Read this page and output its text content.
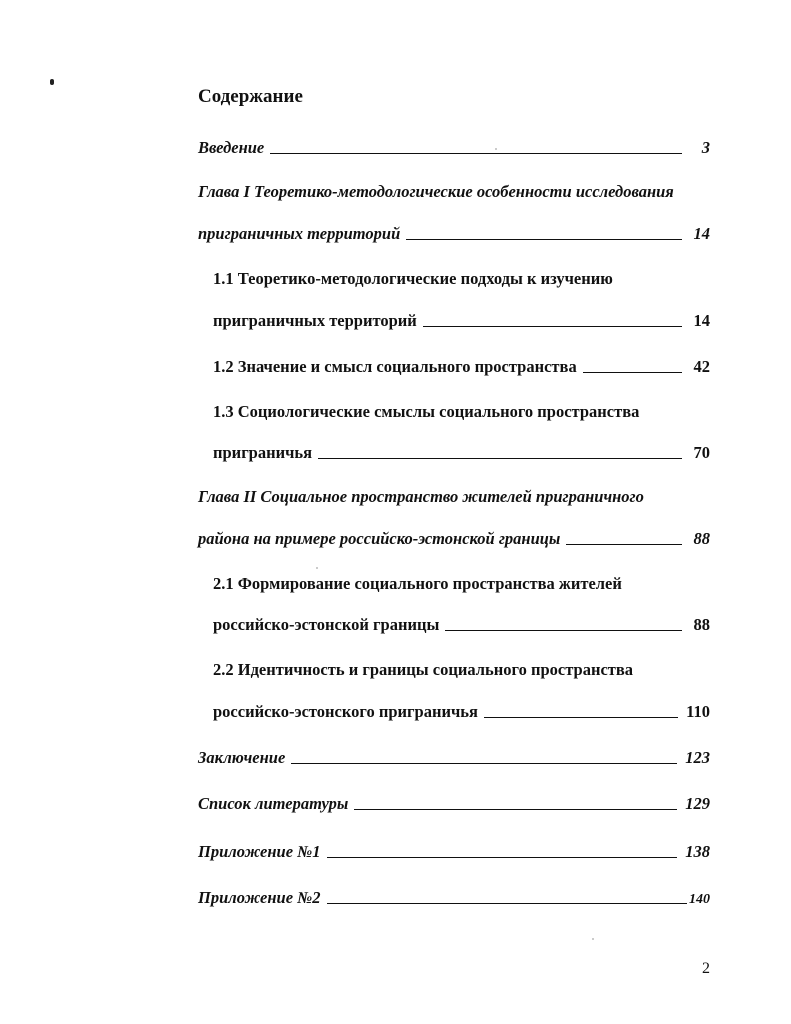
Содержание
Введение	3
Глава I Теоретико-методологические особенности исследования
приграничных территорий	14
1.1 Теоретико-методологические подходы к изучению
приграничных территорий	14
1.2 Значение и смысл социального пространства	42
1.3 Социологические смыслы социального пространства
приграничья	70
Глава II Социальное пространство жителей приграничного
района на примере российско-эстонской границы	88
2.1 Формирование социального пространства жителей
российско-эстонской границы	88
2.2 Идентичность и границы социального пространства
российско-эстонского приграничья	110
Заключение	123
Список литературы	129
Приложение №1	138
Приложение №2	140
2
